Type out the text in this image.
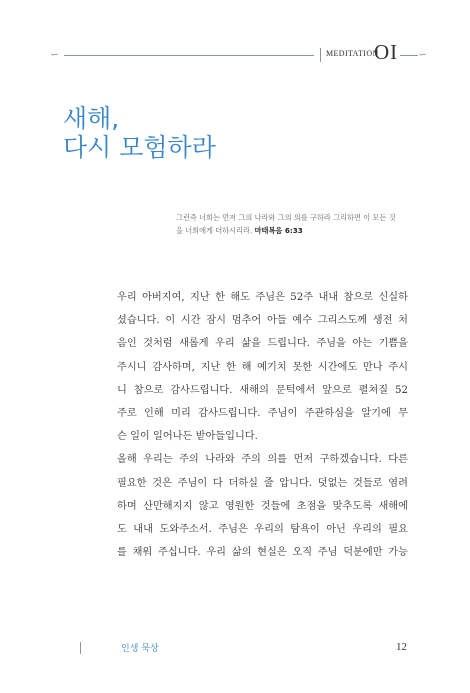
∽	MEDITATION
OI ∽
새해,
다시 모험하라
그런즉 너희는 먼저 그의 나라와 그의 의를 구하라 그리하면 이 모든 것
을 너희에게 더하시리라. 마태복음 6:33
우리 아버지여, 지난 한 해도 주님은 52주 내내 참으로 신실하
셨습니다. 이 시간 잠시 멈추어 아들 예수 그리스도께 생전 처
음인 것처럼 새롭게 우리 삶을 드립니다. 주님을 아는 기쁨을
주시니 감사하며, 지난 한 해 예기치 못한 시간에도 만나 주시
니 참으로 감사드립니다. 새해의 문턱에서 앞으로 펼쳐질 52
주로 인해 미리 감사드립니다. 주님이 주관하심을 알기에 무
슨 일이 일어나든 받아들입니다.
올해 우리는 주의 나라와 주의 의를 먼저 구하겠습니다. 다른
필요한 것은 주님이 다 더하실 줄 압니다. 덧없는 것들로 염려
하며 산만해지지 않고 영원한 것들에 초점을 맞추도록 새해에
도 내내 도와주소서. 주님은 우리의 탐욕이 아닌 우리의 필요
를 채워 주십니다. 우리 삶의 현실은 오직 주님 덕분에만 가능
인생 묵상	12
